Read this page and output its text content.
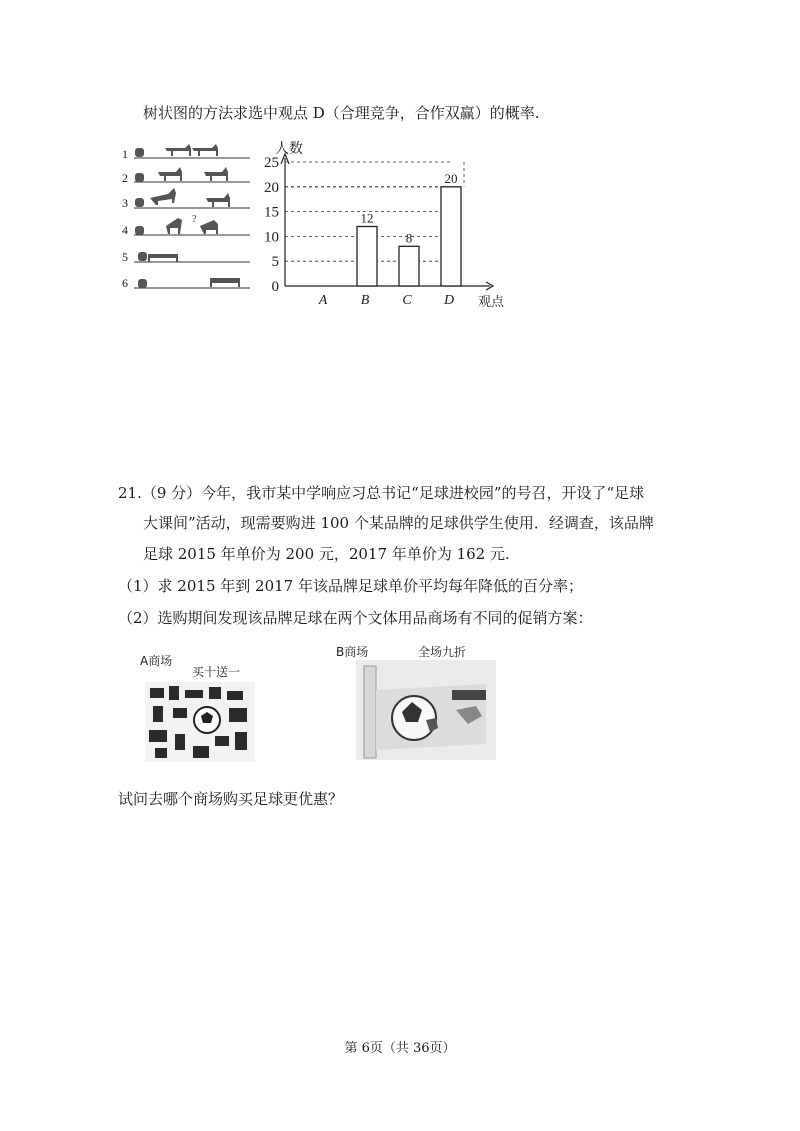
树状图的方法求选中观点 D（合理竞争，合作双赢）的概率.
?
1
2
3
4
5
6	0
5
10
15
20
25
A
12
B
8
C
20
D
人数
观点
21.（9 分）今年，我市某中学响应习总书记“足球进校园”的号召，开设了“足球
大课间”活动，现需要购进 100 个某品牌的足球供学生使用．经调查，该品牌
足球 2015 年单价为 200 元，2017 年单价为 162 元.
（1）求 2015 年到 2017 年该品牌足球单价平均每年降低的百分率；
（2）选购期间发现该品牌足球在两个文体用品商场有不同的促销方案：
A商场
买十送一
B商场	全场九折
试问去哪个商场购买足球更优惠？
第 6页（共 36页）
